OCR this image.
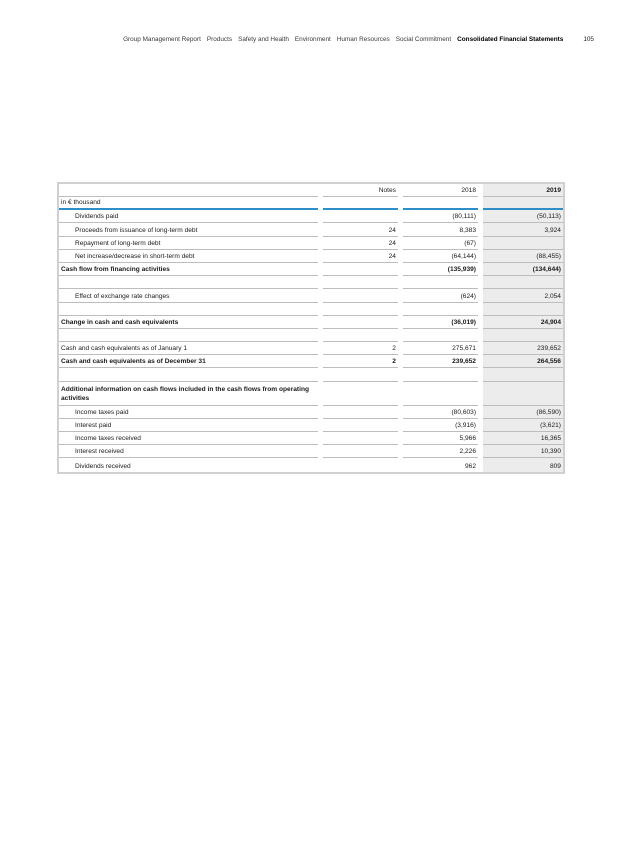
Group Management Report Products Safety and Health Environment Human Resources Social Commitment Consolidated Financial Statements	105
Notes	2018	2019
in € thousand
Dividends paid	(80,111)	(50,113)
Proceeds from issuance of long-term debt	24	8,383	3,924
Repayment of long-term debt	24	(67)
Net increase/decrease in short-term debt	24	(64,144)	(88,455)
Cash flow from financing activities	(135,939)	(134,644)
Effect of exchange rate changes	(624)	2,054
Change in cash and cash equivalents	(36,019)	24,904
Cash and cash equivalents as of January 1	2	275,671	239,652
Cash and cash equivalents as of December 31	2	239,652	264,556
Additional information on cash flows included in the cash flows from operating activities
Income taxes paid	(80,603)	(86,590)
Interest paid	(3,916)	(3,621)
Income taxes received	5,966	16,365
Interest received	2,226	10,390
Dividends received	962	809
